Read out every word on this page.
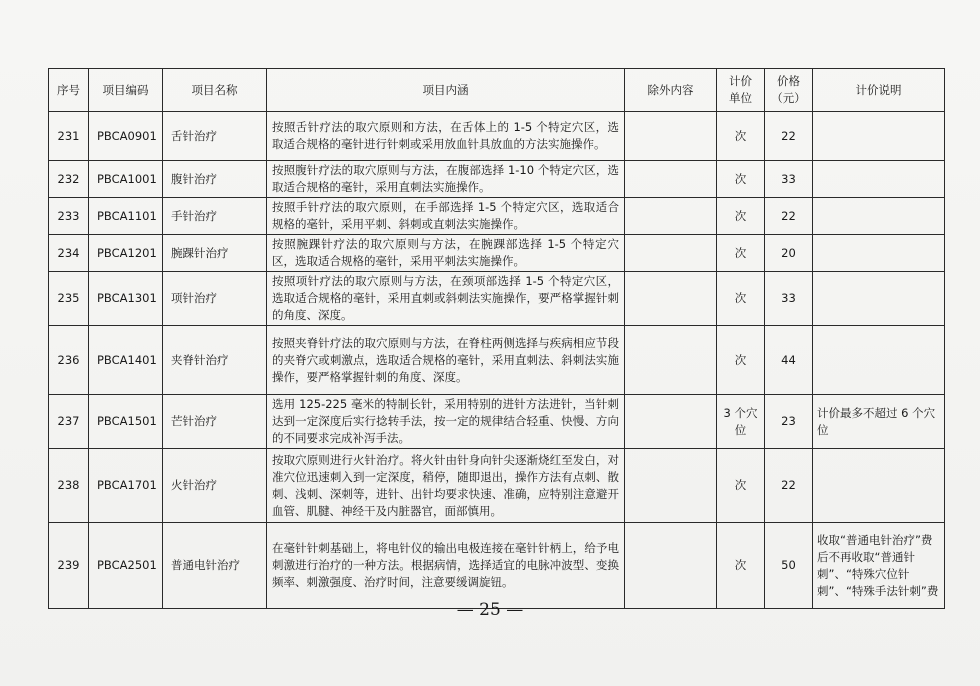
序号	项目编码	项目名称	项目内涵	除外内容	计价单位	价格（元）	计价说明
231	PBCA0901	舌针治疗	按照舌针疗法的取穴原则和方法，在舌体上的 1-5 个特定穴区，选取适合规格的毫针进行针刺或采用放血针具放血的方法实施操作。		次	22	
232	PBCA1001	腹针治疗	按照腹针疗法的取穴原则与方法，在腹部选择 1-10 个特定穴区，选取适合规格的毫针，采用直刺法实施操作。		次	33	
233	PBCA1101	手针治疗	按照手针疗法的取穴原则，在手部选择 1-5 个特定穴区，选取适合规格的毫针，采用平刺、斜刺或直刺法实施操作。		次	22	
234	PBCA1201	腕踝针治疗	按照腕踝针疗法的取穴原则与方法，在腕踝部选择 1-5 个特定穴区，选取适合规格的毫针，采用平刺法实施操作。		次	20	
235	PBCA1301	项针治疗	按照项针疗法的取穴原则与方法，在颈项部选择 1-5 个特定穴区，选取适合规格的毫针，采用直刺或斜刺法实施操作，要严格掌握针刺的角度、深度。		次	33	
236	PBCA1401	夹脊针治疗	按照夹脊针疗法的取穴原则与方法，在脊柱两侧选择与疾病相应节段的夹脊穴或刺激点，选取适合规格的毫针，采用直刺法、斜刺法实施操作，要严格掌握针刺的角度、深度。		次	44	
237	PBCA1501	芒针治疗	选用 125-225 毫米的特制长针，采用特别的进针方法进针，当针刺达到一定深度后实行捻转手法，按一定的规律结合轻重、快慢、方向的不同要求完成补泻手法。		3 个穴位	23	计价最多不超过 6 个穴位
238	PBCA1701	火针治疗	按取穴原则进行火针治疗。将火针由针身向针尖逐渐烧红至发白，对准穴位迅速刺入到一定深度，稍停，随即退出，操作方法有点刺、散刺、浅刺、深刺等，进针、出针均要求快速、准确，应特别注意避开血管、肌腱、神经干及内脏器官，面部慎用。		次	22	
239	PBCA2501	普通电针治疗	在毫针针刺基础上，将电针仪的输出电极连接在毫针针柄上，给予电刺激进行治疗的一种方法。根据病情，选择适宜的电脉冲波型、变换频率、刺激强度、治疗时间，注意要缓调旋钮。		次	50	收取“普通电针治疗”费后不再收取“普通针刺”、“特殊穴位针刺”、“特殊手法针刺”费
— 25 —
